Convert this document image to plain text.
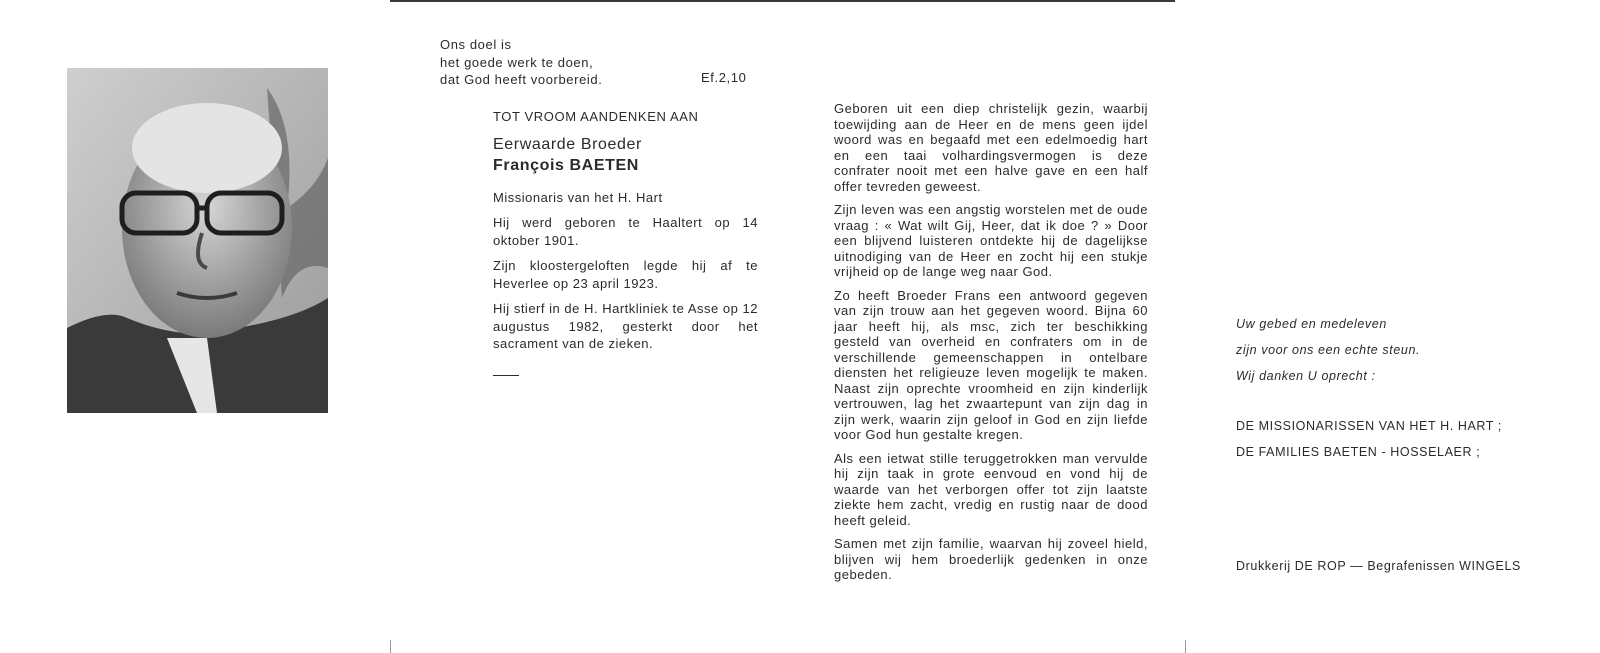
Ons doel is
het goede werk te doen,
dat God heeft voorbereid.	Ef.2,10
TOT VROOM AANDENKEN AAN
Eerwaarde Broeder
François BAETEN

Missionaris van het H. Hart

Hij werd geboren te Haaltert op 14 oktober 1901.

Zijn kloostergeloften legde hij af te Heverlee op 23 april 1923.

Hij stierf in de H. Hartkliniek te Asse op 12 augustus 1982, gesterkt door het sacrament van de zieken.

Geboren uit een diep christelijk gezin, waarbij toewijding aan de Heer en de mens geen ijdel woord was en begaafd met een edelmoedig hart en een taai volhardingsvermogen is deze confrater nooit met een halve gave en een half offer tevreden geweest.

Zijn leven was een angstig worstelen met de oude vraag : « Wat wilt Gij, Heer, dat ik doe ? » Door een blijvend luisteren ontdekte hij de dagelijkse uitnodiging van de Heer en zocht hij een stukje vrijheid op de lange weg naar God.

Zo heeft Broeder Frans een antwoord gegeven van zijn trouw aan het gegeven woord. Bijna 60 jaar heeft hij, als msc, zich ter beschikking gesteld van overheid en confraters om in de verschillende gemeenschappen in ontelbare diensten het religieuze leven mogelijk te maken. Naast zijn oprechte vroomheid en zijn kinderlijk vertrouwen, lag het zwaartepunt van zijn dag in zijn werk, waarin zijn geloof in God en zijn liefde voor God hun gestalte kregen.

Als een ietwat stille teruggetrokken man vervulde hij zijn taak in grote eenvoud en vond hij de waarde van het verborgen offer tot zijn laatste ziekte hem zacht, vredig en rustig naar de dood heeft geleid.

Samen met zijn familie, waarvan hij zoveel hield, blijven wij hem broederlijk gedenken in onze gebeden.

Uw gebed en medeleven

zijn voor ons een echte steun.

Wij danken U oprecht :

DE MISSIONARISSEN VAN HET H. HART ;

DE FAMILIES BAETEN - HOSSELAER ;

Drukkerij DE ROP — Begrafenissen WINGELS
